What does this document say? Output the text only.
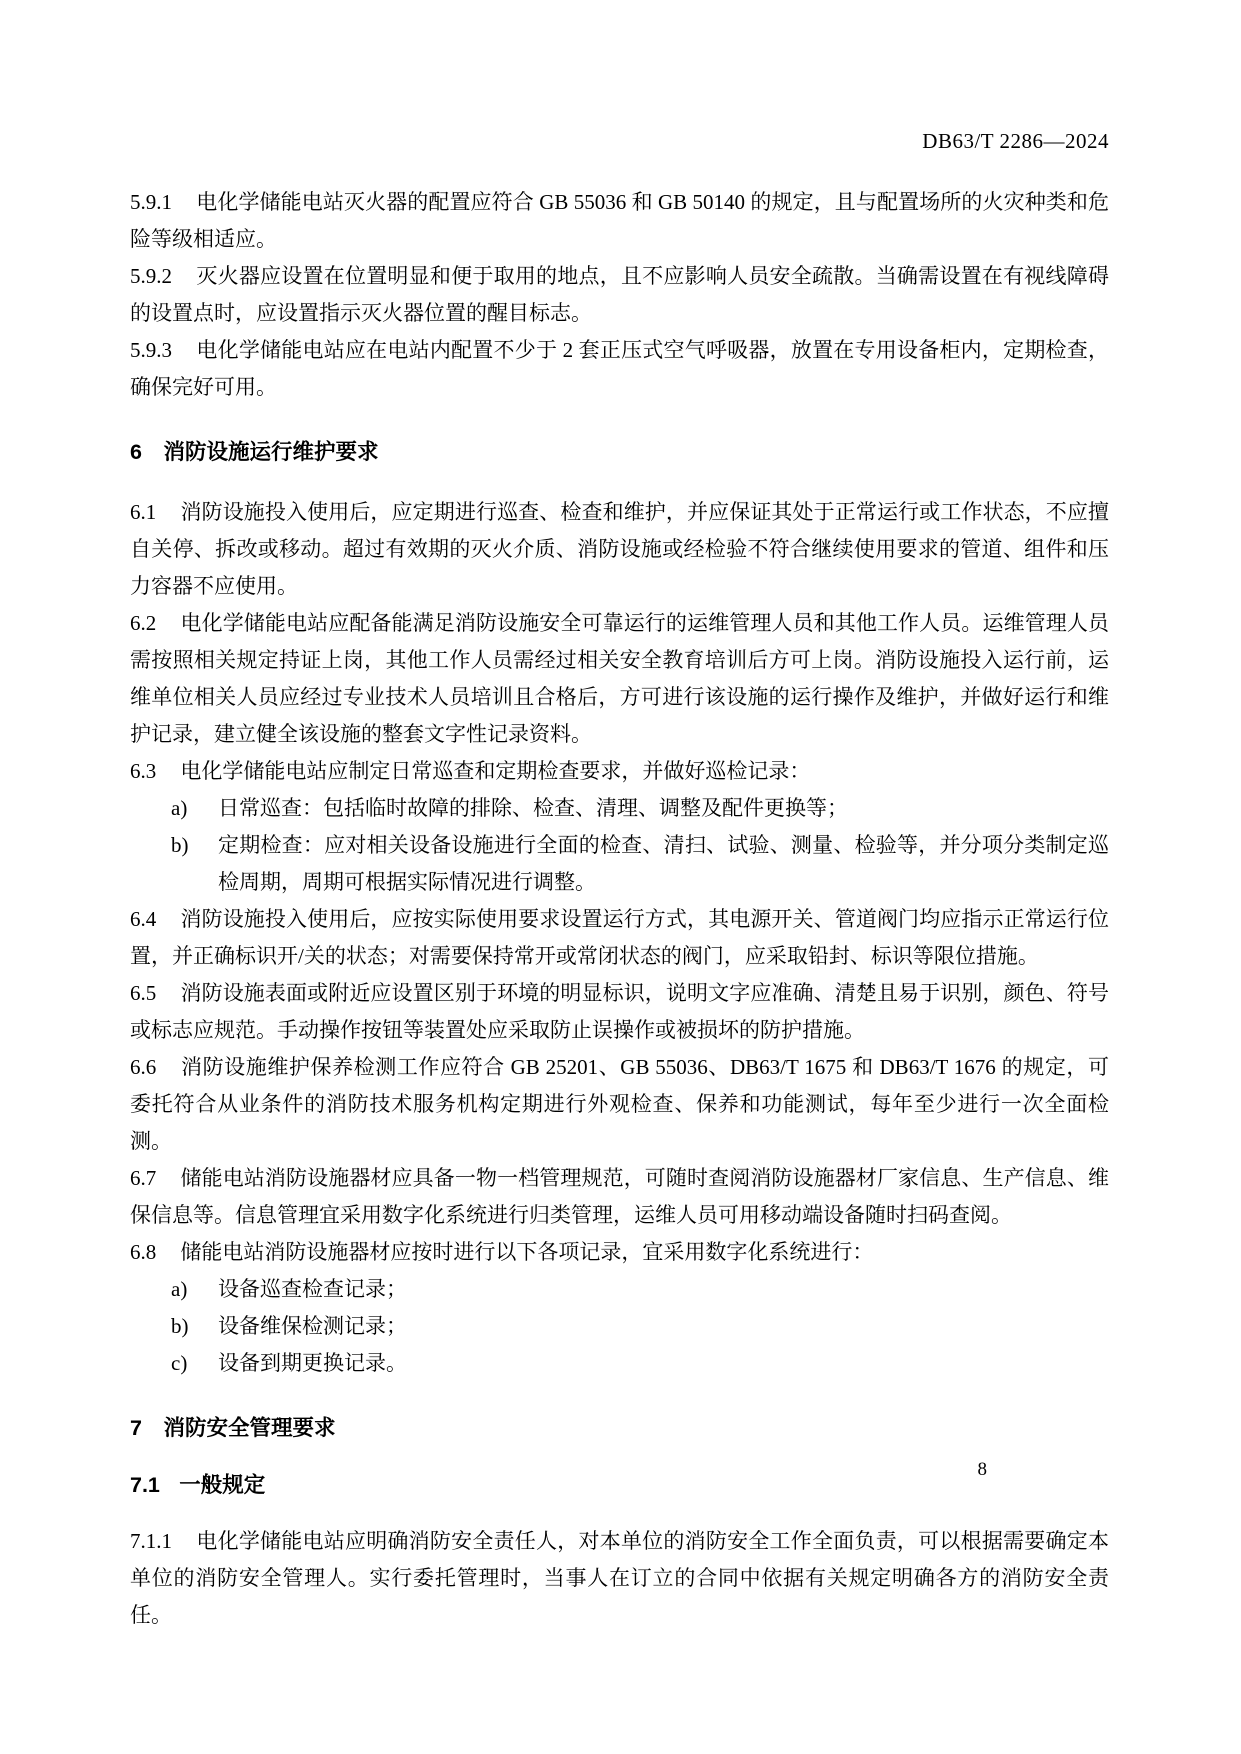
DB63/T 2286—2024

5.9.1 电化学储能电站灭火器的配置应符合 GB 55036 和 GB 50140 的规定，且与配置场所的火灾种类和危险等级相适应。

5.9.2 灭火器应设置在位置明显和便于取用的地点，且不应影响人员安全疏散。当确需设置在有视线障碍的设置点时，应设置指示灭火器位置的醒目标志。

5.9.3 电化学储能电站应在电站内配置不少于 2 套正压式空气呼吸器，放置在专用设备柜内，定期检查，确保完好可用。

6 消防设施运行维护要求

6.1 消防设施投入使用后，应定期进行巡查、检查和维护，并应保证其处于正常运行或工作状态，不应擅自关停、拆改或移动。超过有效期的灭火介质、消防设施或经检验不符合继续使用要求的管道、组件和压力容器不应使用。

6.2 电化学储能电站应配备能满足消防设施安全可靠运行的运维管理人员和其他工作人员。运维管理人员需按照相关规定持证上岗，其他工作人员需经过相关安全教育培训后方可上岗。消防设施投入运行前，运维单位相关人员应经过专业技术人员培训且合格后，方可进行该设施的运行操作及维护，并做好运行和维护记录，建立健全该设施的整套文字性记录资料。

6.3 电化学储能电站应制定日常巡查和定期检查要求，并做好巡检记录：

a)	日常巡查：包括临时故障的排除、检查、清理、调整及配件更换等；

b)	定期检查：应对相关设备设施进行全面的检查、清扫、试验、测量、检验等，并分项分类制定巡检周期，周期可根据实际情况进行调整。

6.4 消防设施投入使用后，应按实际使用要求设置运行方式，其电源开关、管道阀门均应指示正常运行位置，并正确标识开/关的状态；对需要保持常开或常闭状态的阀门，应采取铅封、标识等限位措施。

6.5 消防设施表面或附近应设置区别于环境的明显标识，说明文字应准确、清楚且易于识别，颜色、符号或标志应规范。手动操作按钮等装置处应采取防止误操作或被损坏的防护措施。

6.6 消防设施维护保养检测工作应符合 GB 25201、GB 55036、DB63/T 1675 和 DB63/T 1676 的规定，可委托符合从业条件的消防技术服务机构定期进行外观检查、保养和功能测试，每年至少进行一次全面检测。

6.7 储能电站消防设施器材应具备一物一档管理规范，可随时查阅消防设施器材厂家信息、生产信息、维保信息等。信息管理宜采用数字化系统进行归类管理，运维人员可用移动端设备随时扫码查阅。

6.8 储能电站消防设施器材应按时进行以下各项记录，宜采用数字化系统进行：

a)	设备巡查检查记录；

b)	设备维保检测记录；

c)	设备到期更换记录。

7 消防安全管理要求
7.1 一般规定

7.1.1 电化学储能电站应明确消防安全责任人，对本单位的消防安全工作全面负责，可以根据需要确定本单位的消防安全管理人。实行委托管理时，当事人在订立的合同中依据有关规定明确各方的消防安全责任。

8
